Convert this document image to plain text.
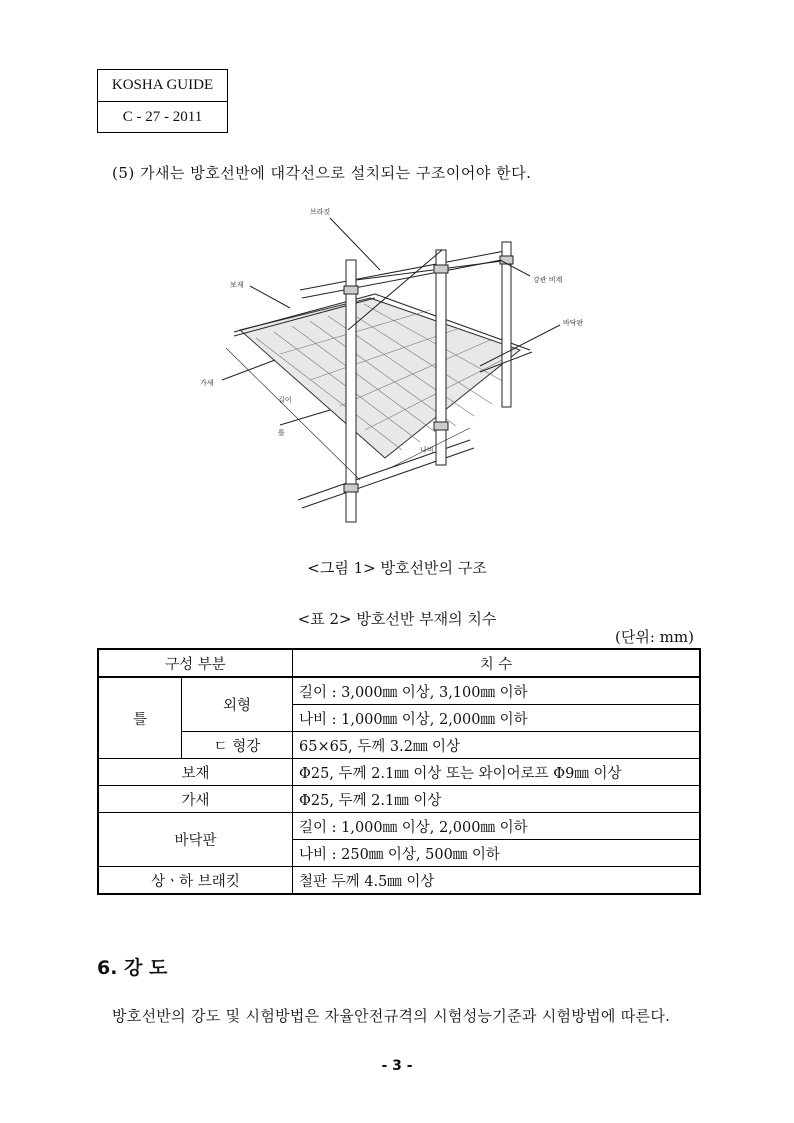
KOSHA GUIDE
C - 27 - 2011
(5) 가새는 방호선반에 대각선으로 설치되는 구조이어야 한다.
브라킷
강관 비계
보재
바닥판
가새
길이
틀
나비
<그림 1> 방호선반의 구조
<표 2> 방호선반 부재의 치수
(단위: mm)
구성 부분		치 수
틀	외형	길이 : 3,000㎜ 이상, 3,100㎜ 이하
		나비 : 1,000㎜ 이상, 2,000㎜ 이하
	ㄷ 형강	65×65, 두께 3.2㎜ 이상
보재		Φ25, 두께 2.1㎜ 이상 또는 와이어로프 Φ9㎜ 이상
가새		Φ25, 두께 2.1㎜ 이상
바닥판		길이 : 1,000㎜ 이상, 2,000㎜ 이하
		나비 : 250㎜ 이상, 500㎜ 이하
상ㆍ하 브래킷		철판 두께 4.5㎜ 이상
6. 강 도
방호선반의 강도 및 시험방법은 자율안전규격의 시험성능기준과 시험방법에 따른다.
- 3 -
